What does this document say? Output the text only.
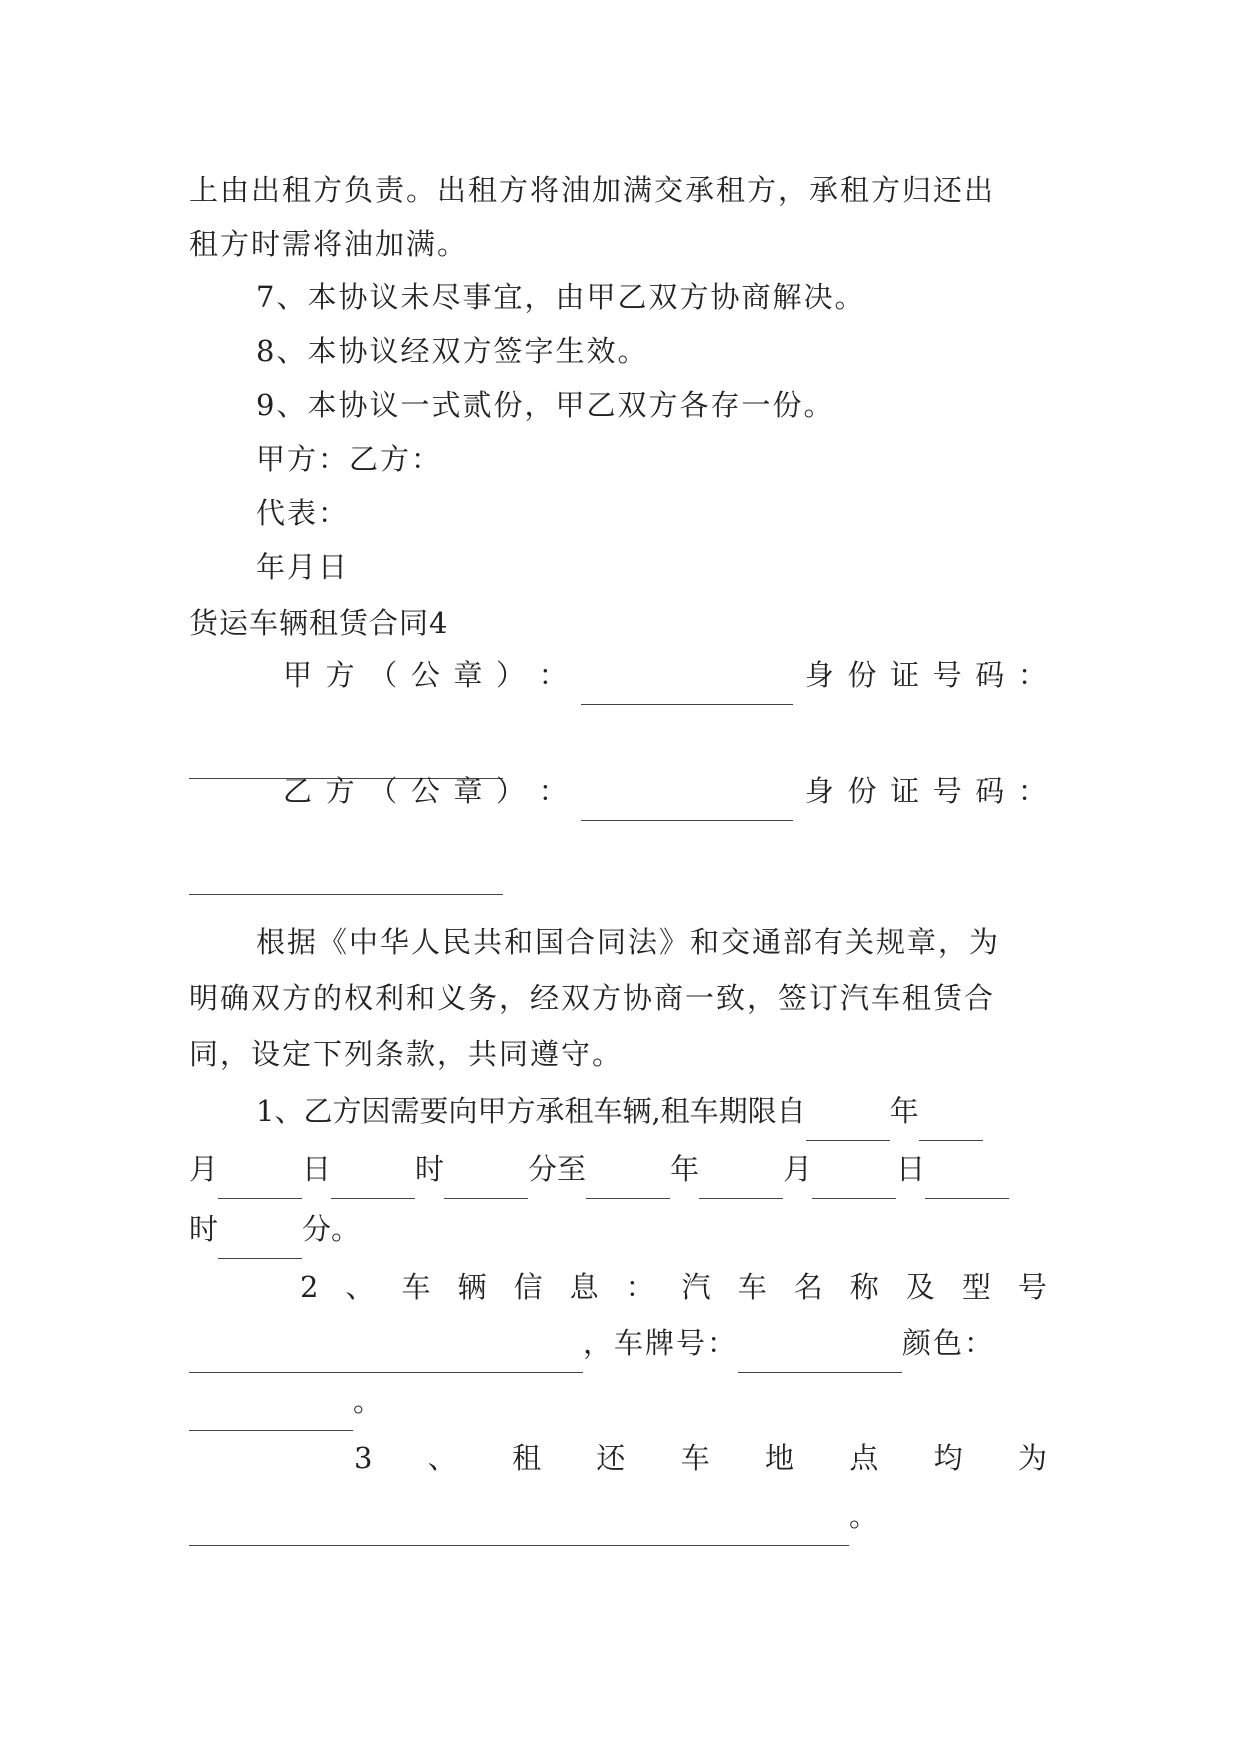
上由出租方负责。出租方将油加满交承租方，承租方归还出
租方时需将油加满。
7、本协议未尽事宜，由甲乙双方协商解决。
8、本协议经双方签字生效。
9、本协议一式贰份，甲乙双方各存一份。
甲方：乙方：
代表：
年月日
货运车辆租赁合同4
甲 方 （ 公 章 ） ：	身 份 证 号 码 ：
乙 方 （ 公 章 ） ：	身 份 证 号 码 ：
根据《中华人民共和国合同法》和交通部有关规章，为
明确双方的权利和义务，经双方协商一致，签订汽车租赁合
同，设定下列条款，共同遵守。
1、乙方因需要向甲方承租车辆,租车期限自	年
月	日	时	分至	年	月	日
时	分。
2 、 车 辆 信 息 ： 汽 车 名 称 及 型 号
，车牌号：	颜色：
。
3 、 租 还 车 地 点 均 为
。
